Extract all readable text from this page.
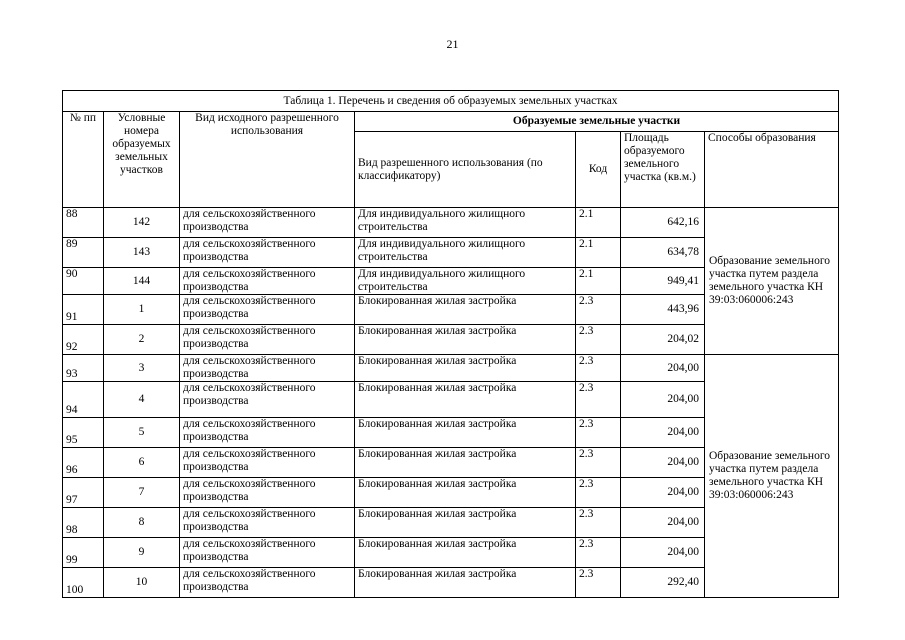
21
Таблица 1. Перечень и сведения об образуемых земельных участках						
№ пп	Условные номера образуемых земельных участков	Вид исходного разрешенного использования	Образуемые земельные участки			
			Вид разрешенного использования (по классификатору)	Код	Площадь образуемого земельного участка (кв.м.)	Способы образования
88	142	для сельскохозяйственного производства	Для индивидуального жилищного строительства	2.1	642,16	Образование земельного участка путем раздела земельного участка КН 39:03:060006:243
89	143	для сельскохозяйственного производства	Для индивидуального жилищного строительства	2.1	634,78	
90	144	для сельскохозяйственного производства	Для индивидуального жилищного строительства	2.1	949,41	
91	1	для сельскохозяйственного производства	Блокированная жилая застройка	2.3	443,96	
92	2	для сельскохозяйственного производства	Блокированная жилая застройка	2.3	204,02	
93	3	для сельскохозяйственного производства	Блокированная жилая застройка	2.3	204,00	Образование земельного участка путем раздела земельного участка КН 39:03:060006:243
94	4	для сельскохозяйственного производства	Блокированная жилая застройка	2.3	204,00	
95	5	для сельскохозяйственного производства	Блокированная жилая застройка	2.3	204,00	
96	6	для сельскохозяйственного производства	Блокированная жилая застройка	2.3	204,00	
97	7	для сельскохозяйственного производства	Блокированная жилая застройка	2.3	204,00	
98	8	для сельскохозяйственного производства	Блокированная жилая застройка	2.3	204,00	
99	9	для сельскохозяйственного производства	Блокированная жилая застройка	2.3	204,00	
100	10	для сельскохозяйственного производства	Блокированная жилая застройка	2.3	292,40	
